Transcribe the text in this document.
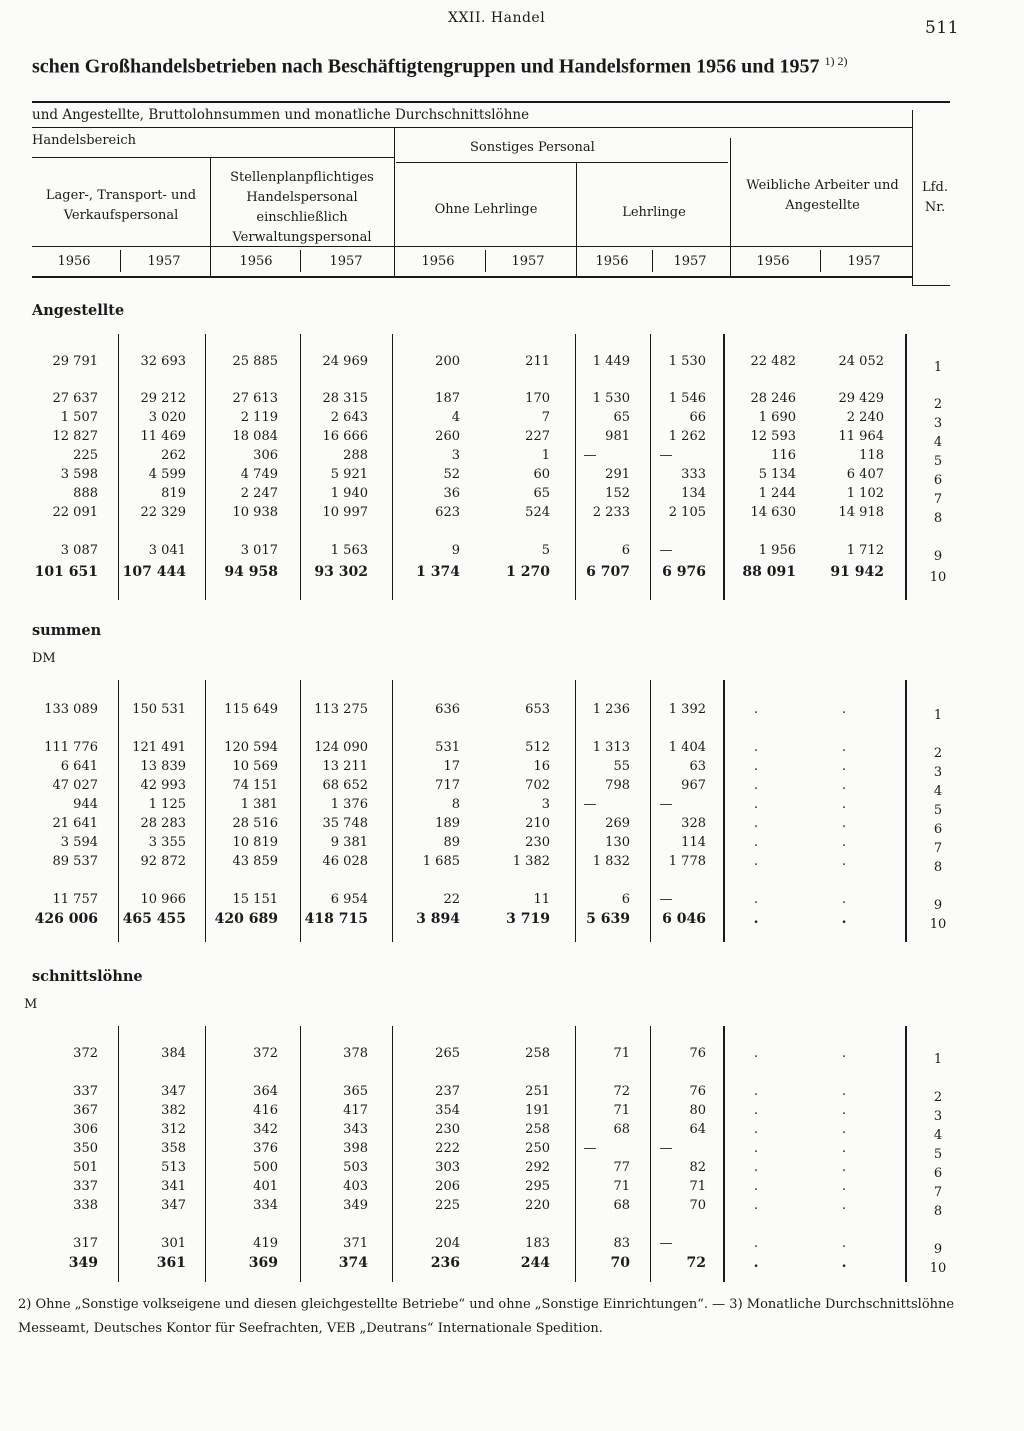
XXII. Handel	511
schen Großhandelsbetrieben nach Beschäftigtengruppen und Handelsformen 1956 und 1957 $^{1) 2)}$
und Angestellte, Bruttolohnsummen und monatliche Durchschnittslöhne
Handelsbereich	Sonstiges Personal
Lager-, Transport- und Verkaufspersonal
Stellenplanpflichtiges Handelspersonal einschließlich Verwaltungspersonal
Ohne Lehrlinge	Lehrlinge
Weibliche Arbeiter und Angestellte
Lfd. Nr.
1956	1957	1956	1957	1956	1957	1956	1957	1956	1957
Angestellte
summen
DM
schnittslöhne
M
29 791	32 693	25 885	24 969	200	211	1 449	1 530	22 482	24 052	1
27 637	29 212	27 613	28 315	187	170	1 530	1 546	28 246	29 429	2
1 507	3 020	2 119	2 643	4	7	65	66	1 690	2 240	3
12 827	11 469	18 084	16 666	260	227	981	1 262	12 593	11 964	4
225	262	306	288	3	1	—	—	116	118	5
3 598	4 599	4 749	5 921	52	60	291	333	5 134	6 407	6
888	819	2 247	1 940	36	65	152	134	1 244	1 102	7
22 091	22 329	10 938	10 997	623	524	2 233	2 105	14 630	14 918	8
3 087	3 041	3 017	1 563	9	5	6	—	1 956	1 712	9
101 651	107 444	94 958	93 302	1 374	1 270	6 707	6 976	88 091	91 942	10
133 089	150 531	115 649	113 275	636	653	1 236	1 392	.	.	1
111 776	121 491	120 594	124 090	531	512	1 313	1 404	.	.	2
6 641	13 839	10 569	13 211	17	16	55	63	.	.	3
47 027	42 993	74 151	68 652	717	702	798	967	.	.	4
944	1 125	1 381	1 376	8	3	—	—	.	.	5
21 641	28 283	28 516	35 748	189	210	269	328	.	.	6
3 594	3 355	10 819	9 381	89	230	130	114	.	.	7
89 537	92 872	43 859	46 028	1 685	1 382	1 832	1 778	.	.	8
11 757	10 966	15 151	6 954	22	11	6	—	.	.	9
426 006	465 455	420 689	418 715	3 894	3 719	5 639	6 046	.	.	10
372	384	372	378	265	258	71	76	.	.	1
337	347	364	365	237	251	72	76	.	.	2
367	382	416	417	354	191	71	80	.	.	3
306	312	342	343	230	258	68	64	.	.	4
350	358	376	398	222	250	—	—	.	.	5
501	513	500	503	303	292	77	82	.	.	6
337	341	401	403	206	295	71	71	.	.	7
338	347	334	349	225	220	68	70	.	.	8
317	301	419	371	204	183	83	—	.	.	9
349	361	369	374	236	244	70	72	.	.	10
2) Ohne „Sonstige volkseigene und diesen gleichgestellte Betriebe“ und ohne „Sonstige Einrichtungen“. — 3) Monatliche Durchschnittslöhne
Messeamt, Deutsches Kontor für Seefrachten, VEB „Deutrans“ Internationale Spedition.
